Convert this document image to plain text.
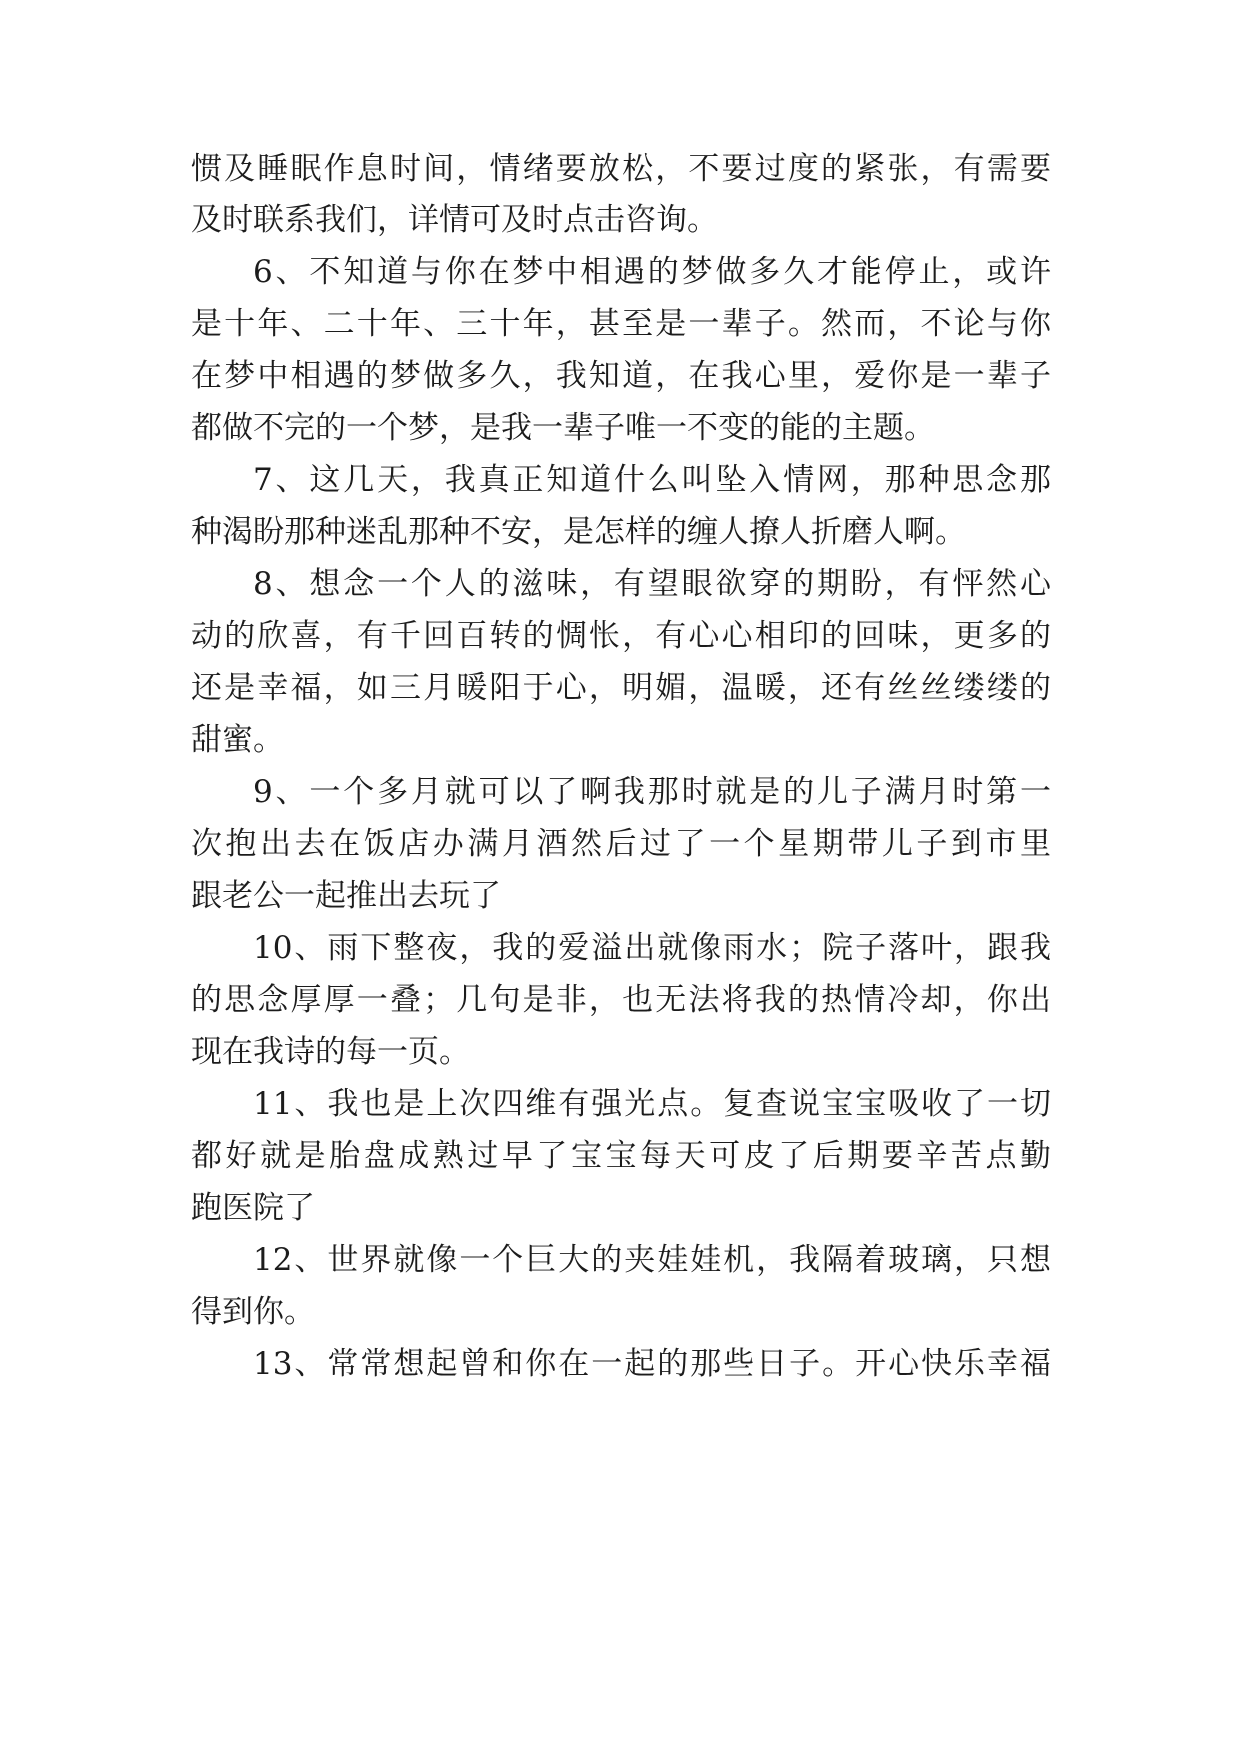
惯及睡眠作息时间，情绪要放松，不要过度的紧张，有需要
及时联系我们，详情可及时点击咨询。
6、不知道与你在梦中相遇的梦做多久才能停止，或许
是十年、二十年、三十年，甚至是一辈子。然而，不论与你
在梦中相遇的梦做多久，我知道，在我心里，爱你是一辈子
都做不完的一个梦，是我一辈子唯一不变的能的主题。
7、这几天，我真正知道什么叫坠入情网，那种思念那
种渴盼那种迷乱那种不安，是怎样的缠人撩人折磨人啊。
8、想念一个人的滋味，有望眼欲穿的期盼，有怦然心
动的欣喜，有千回百转的惆怅，有心心相印的回味，更多的
还是幸福，如三月暖阳于心，明媚，温暖，还有丝丝缕缕的
甜蜜。
9、一个多月就可以了啊我那时就是的儿子满月时第一
次抱出去在饭店办满月酒然后过了一个星期带儿子到市里
跟老公一起推出去玩了
10、雨下整夜，我的爱溢出就像雨水；院子落叶，跟我
的思念厚厚一叠；几句是非，也无法将我的热情冷却，你出
现在我诗的每一页。
11、我也是上次四维有强光点。复查说宝宝吸收了一切
都好就是胎盘成熟过早了宝宝每天可皮了后期要辛苦点勤
跑医院了
12、世界就像一个巨大的夹娃娃机，我隔着玻璃，只想
得到你。
13、常常想起曾和你在一起的那些日子。开心快乐幸福
